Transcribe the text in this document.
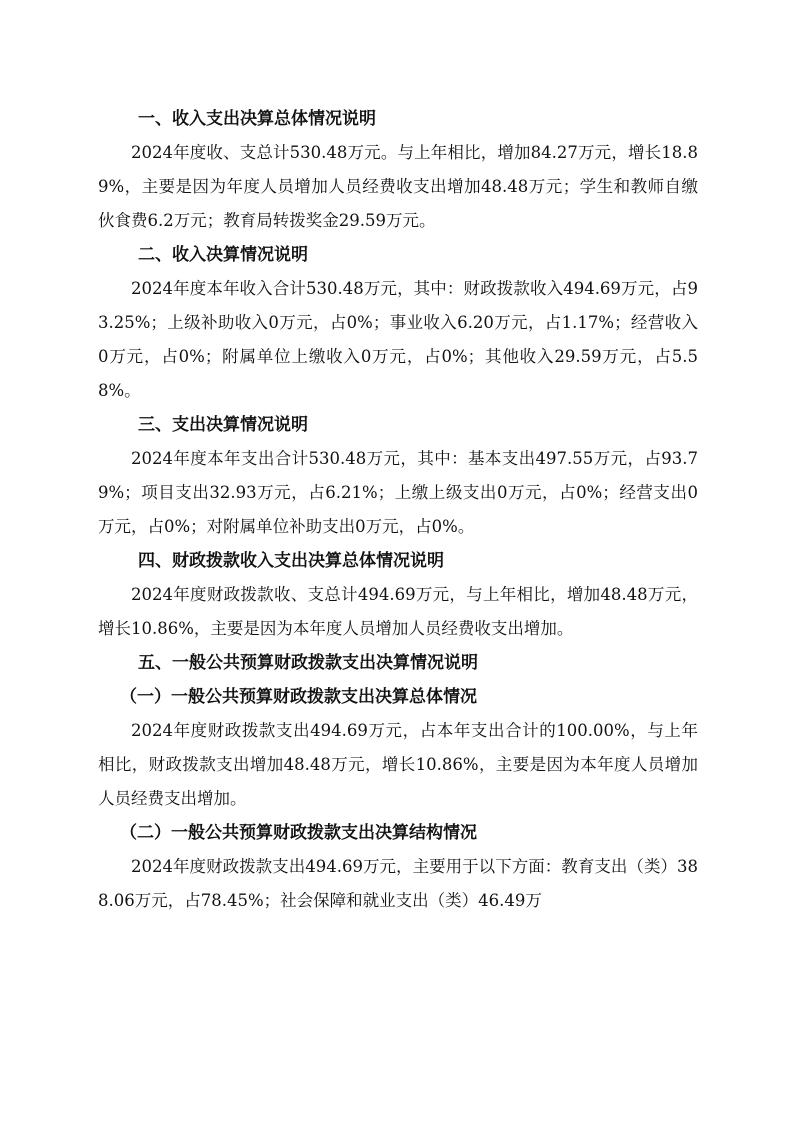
一、收入支出决算总体情况说明

2024年度收、支总计530.48万元。与上年相比，增加84.27万元，增长18.89%，主要是因为年度人员增加人员经费收支出增加48.48万元；学生和教师自缴伙食费6.2万元；教育局转拨奖金29.59万元。

二、收入决算情况说明

2024年度本年收入合计530.48万元，其中：财政拨款收入494.69万元，占93.25%；上级补助收入0万元，占0%；事业收入6.20万元，占1.17%；经营收入0万元，占0%；附属单位上缴收入0万元，占0%；其他收入29.59万元，占5.58%。

三、支出决算情况说明

2024年度本年支出合计530.48万元，其中：基本支出497.55万元，占93.79%；项目支出32.93万元，占6.21%；上缴上级支出0万元，占0%；经营支出0万元，占0%；对附属单位补助支出0万元，占0%。

四、财政拨款收入支出决算总体情况说明

2024年度财政拨款收、支总计494.69万元，与上年相比，增加48.48万元，增长10.86%，主要是因为本年度人员增加人员经费收支出增加。

五、一般公共预算财政拨款支出决算情况说明
（一）一般公共预算财政拨款支出决算总体情况

2024年度财政拨款支出494.69万元，占本年支出合计的100.00%，与上年相比，财政拨款支出增加48.48万元，增长10.86%，主要是因为本年度人员增加人员经费支出增加。

（二）一般公共预算财政拨款支出决算结构情况

2024年度财政拨款支出494.69万元，主要用于以下方面：教育支出（类）388.06万元，占78.45%；社会保障和就业支出（类）46.49万
